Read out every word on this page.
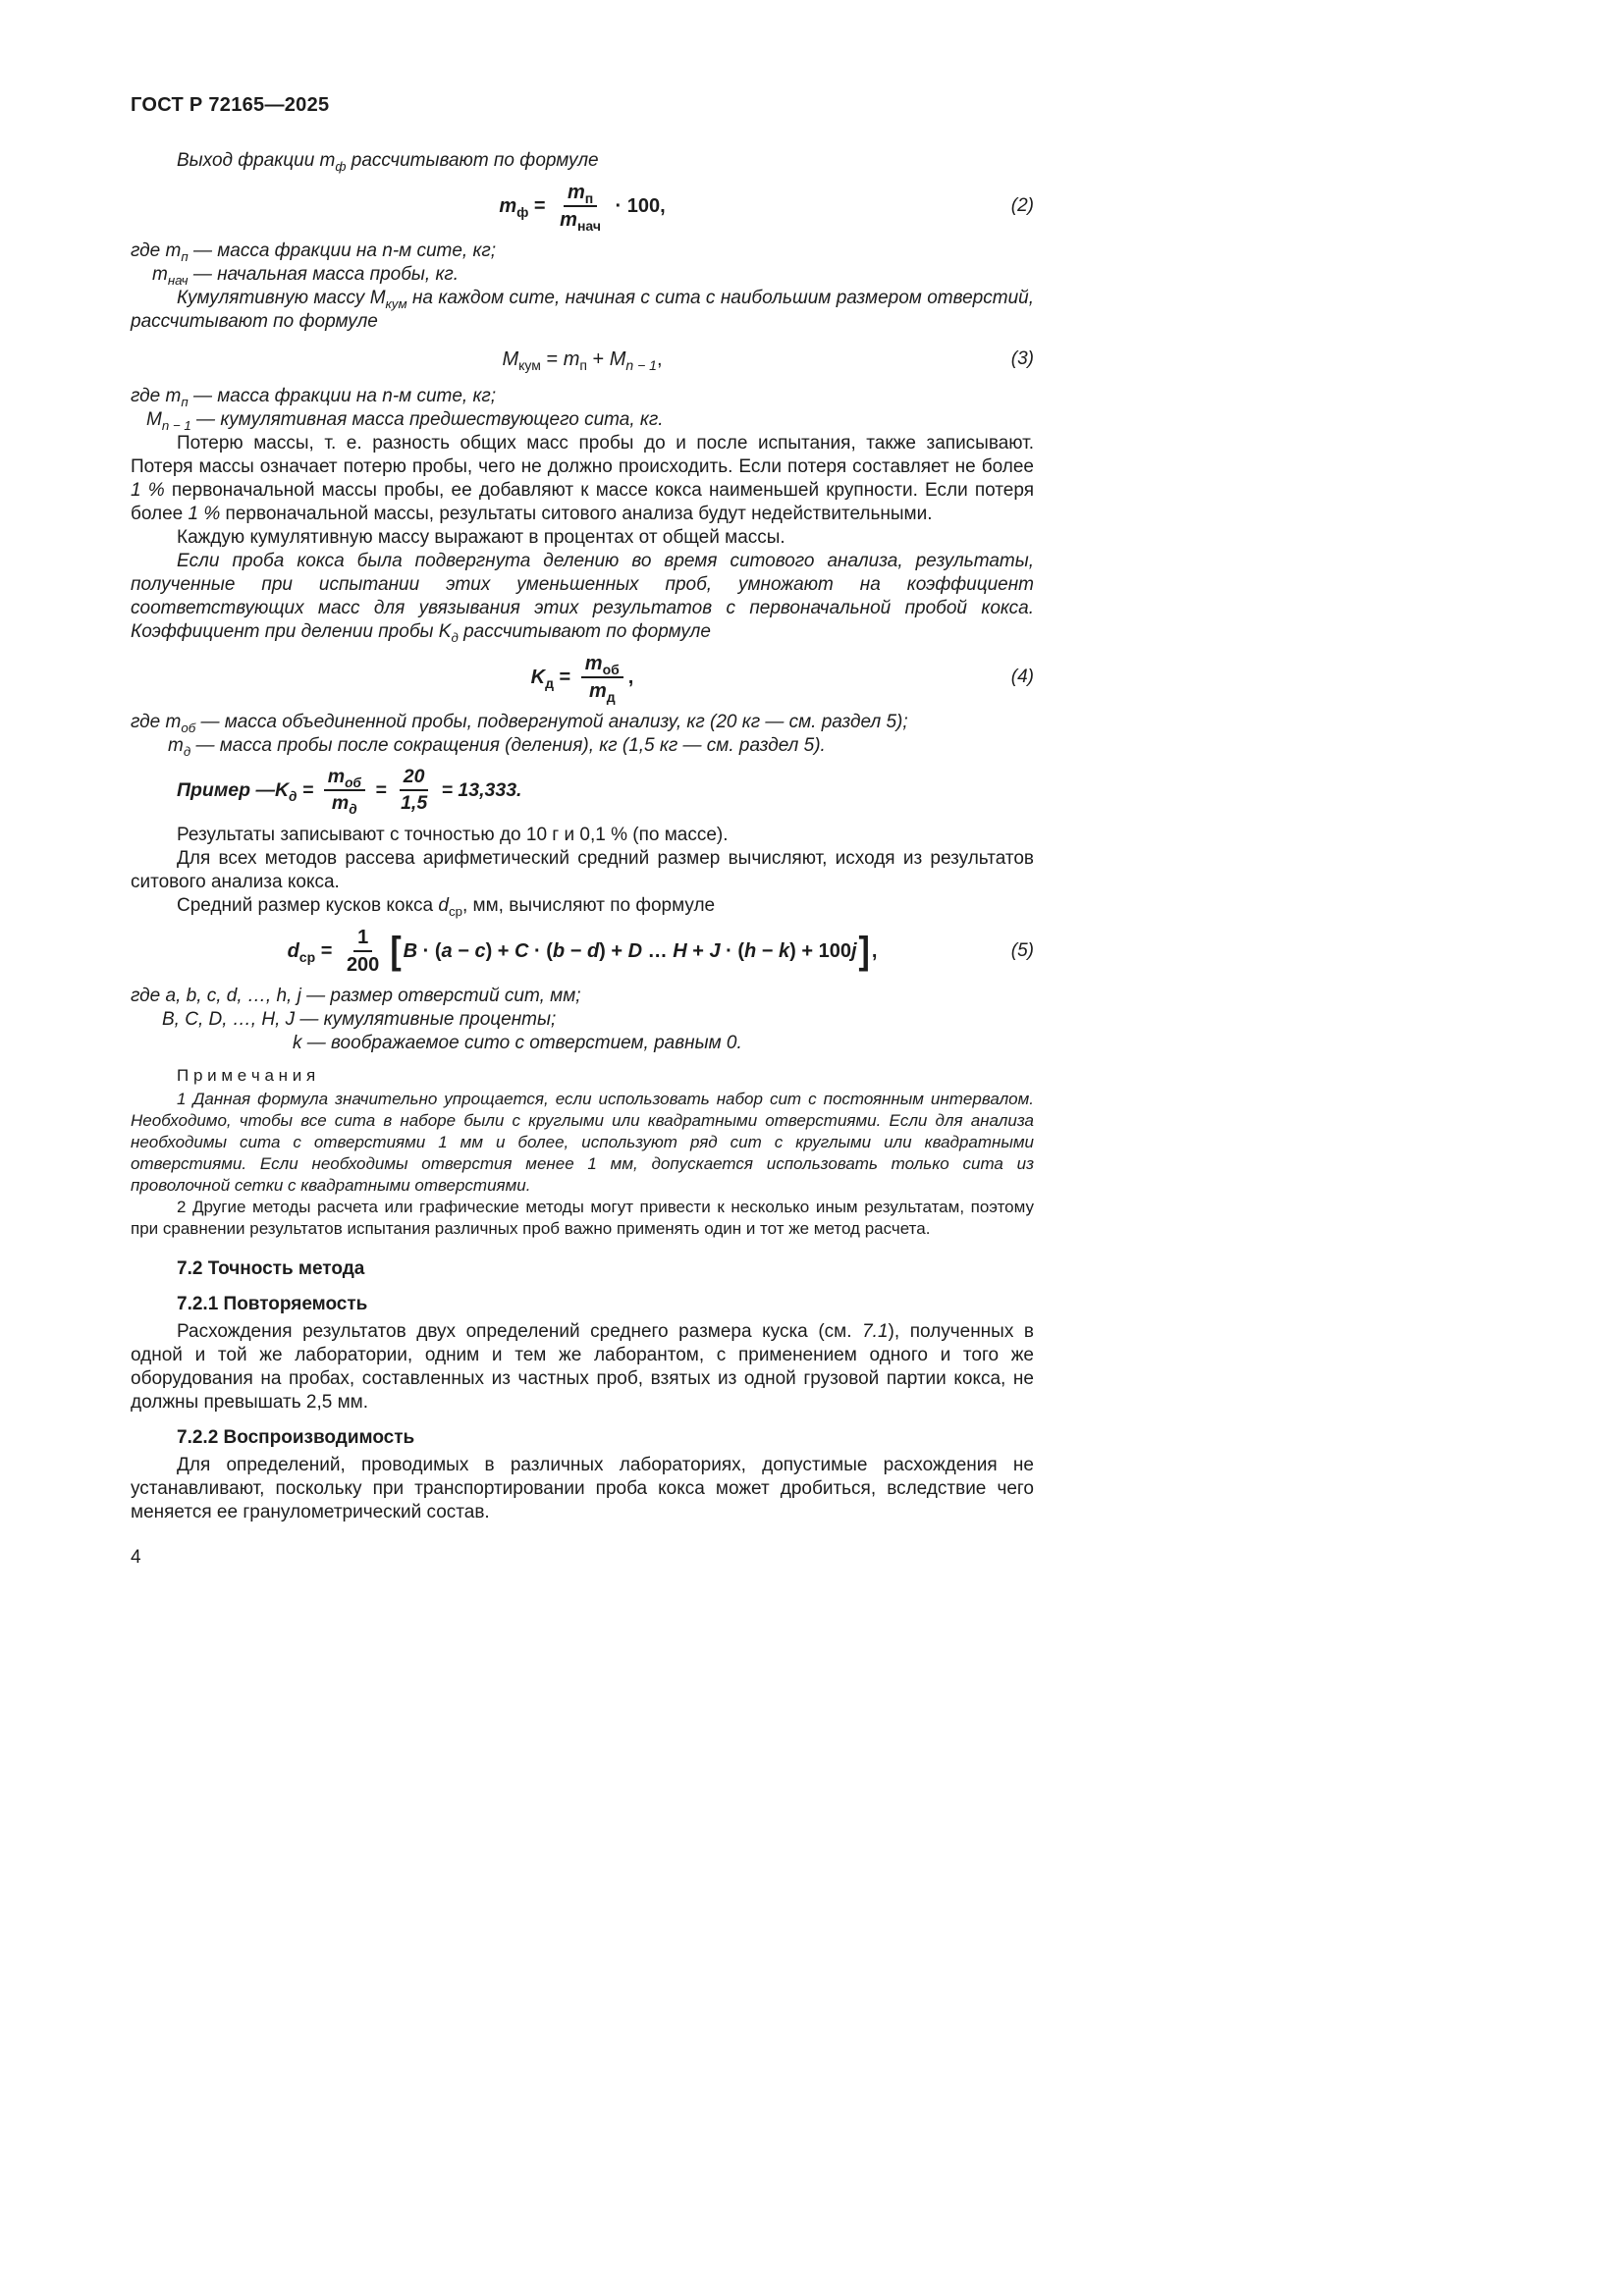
ГОСТ Р 72165—2025

Выход фракции $m_ф$ рассчитывают по формуле

$m_ф = \frac{m_п}{m_{нач}} \cdot 100$,	(2)
где $m_п$ — масса фракции на n-м сите, кг;
$m_{нач}$ — начальная масса пробы, кг.

Кумулятивную массу $M_{кум}$ на каждом сите, начиная с сита с наибольшим размером отверстий, рассчитывают по формуле

$M_{кум} = m_п + M_{n - 1}$,	(3)
где $m_п$ — масса фракции на n-м сите, кг;
$M_{n - 1}$ — кумулятивная масса предшествующего сита, кг.

Потерю массы, т. е. разность общих масс пробы до и после испытания, также записывают. Потеря массы означает потерю пробы, чего не должно происходить. Если потеря составляет не более 1 % первоначальной массы пробы, ее добавляют к массе кокса наименьшей крупности. Если потеря более 1 % первоначальной массы, результаты ситового анализа будут недействительными.

Каждую кумулятивную массу выражают в процентах от общей массы.

Если проба кокса была подвергнута делению во время ситового анализа, результаты, полученные при испытании этих уменьшенных проб, умножают на коэффициент соответствующих масс для увязывания этих результатов с первоначальной пробой кокса. Коэффициент при делении пробы $K_д$ рассчитывают по формуле

$K_д = \frac{m_{об}}{m_д}$ ,	(4)
где $m_{об}$ — масса объединенной пробы, подвергнутой анализу, кг (20 кг — см. раздел 5);
$m_д$ — масса пробы после сокращения (деления), кг (1,5 кг — см. раздел 5).
Пример — $K_д = \frac{m_{об}}{m_д} = \frac{20}{1,5} = 13,333$.

Результаты записывают с точностью до 10 г и 0,1 % (по массе).

Для всех методов рассева арифметический средний размер вычисляют, исходя из результатов ситового анализа кокса.

Средний размер кусков кокса $d_{ср}$, мм, вычисляют по формуле

$d_{ср} = \frac{1}{200}$ [ B · (a − c) + C · (b − d) + D … H + J · (h − k) + 100j ] ,	(5)
где a, b, c, d, …, h, j — размер отверстий сит, мм;
B, C, D, …, H, J — кумулятивные проценты;
k — воображаемое сито с отверстием, равным 0.
П р и м е ч а н и я

1 Данная формула значительно упрощается, если использовать набор сит с постоянным интервалом. Необходимо, чтобы все сита в наборе были с круглыми или квадратными отверстиями. Если для анализа необходимы сита с отверстиями 1 мм и более, используют ряд сит с круглыми или квадратными отверстиями. Если необходимы отверстия менее 1 мм, допускается использовать только сита из проволочной сетки с квадратными отверстиями.

2 Другие методы расчета или графические методы могут привести к несколько иным результатам, поэтому при сравнении результатов испытания различных проб важно применять один и тот же метод расчета.

7.2 Точность метода
7.2.1 Повторяемость

Расхождения результатов двух определений среднего размера куска (см. 7.1), полученных в одной и той же лаборатории, одним и тем же лаборантом, с применением одного и того же оборудования на пробах, составленных из частных проб, взятых из одной грузовой партии кокса, не должны превышать 2,5 мм.

7.2.2 Воспроизводимость

Для определений, проводимых в различных лабораториях, допустимые расхождения не устанавливают, поскольку при транспортировании проба кокса может дробиться, вследствие чего меняется ее гранулометрический состав.

4
